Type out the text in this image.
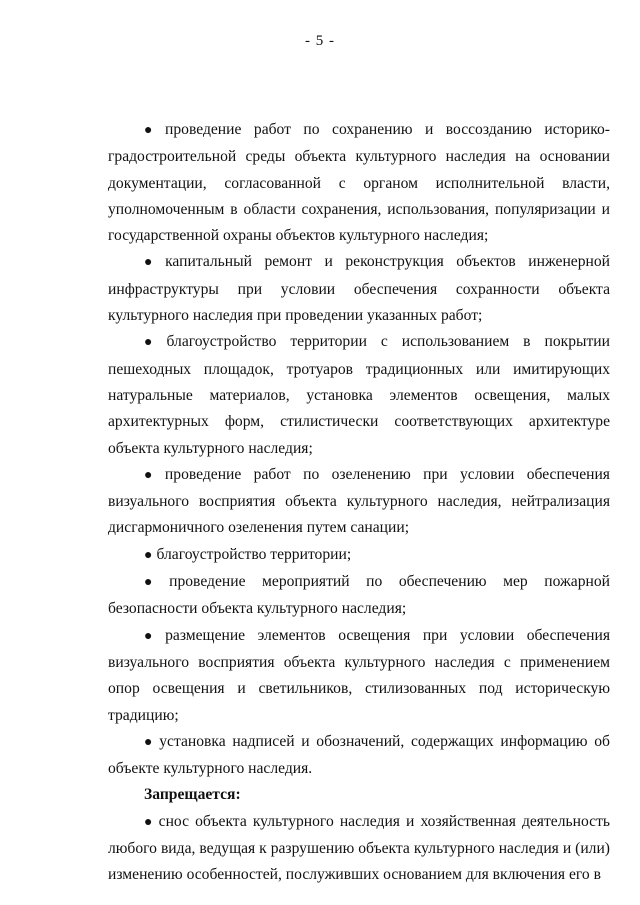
- 5 -

● проведение работ по сохранению и воссозданию историко-градостроительной среды объекта культурного наследия на основании документации, согласованной с органом исполнительной власти, уполномоченным в области сохранения, использования, популяризации и государственной охраны объектов культурного наследия;

● капитальный ремонт и реконструкция объектов инженерной инфраструктуры при условии обеспечения сохранности объекта культурного наследия при проведении указанных работ;

● благоустройство территории с использованием в покрытии пешеходных площадок, тротуаров традиционных или имитирующих натуральные материалов, установка элементов освещения, малых архитектурных форм, стилистически соответствующих архитектуре объекта культурного наследия;

● проведение работ по озеленению при условии обеспечения визуального восприятия объекта культурного наследия, нейтрализация дисгармоничного озеленения путем санации;

● благоустройство территории;

● проведение мероприятий по обеспечению мер пожарной безопасности объекта культурного наследия;

● размещение элементов освещения при условии обеспечения визуального восприятия объекта культурного наследия с применением опор освещения и светильников, стилизованных под историческую традицию;

● установка надписей и обозначений, содержащих информацию об объекте культурного наследия.

Запрещается:

● снос объекта культурного наследия и хозяйственная деятельность любого вида, ведущая к разрушению объекта культурного наследия и (или) изменению особенностей, послуживших основанием для включения его в
